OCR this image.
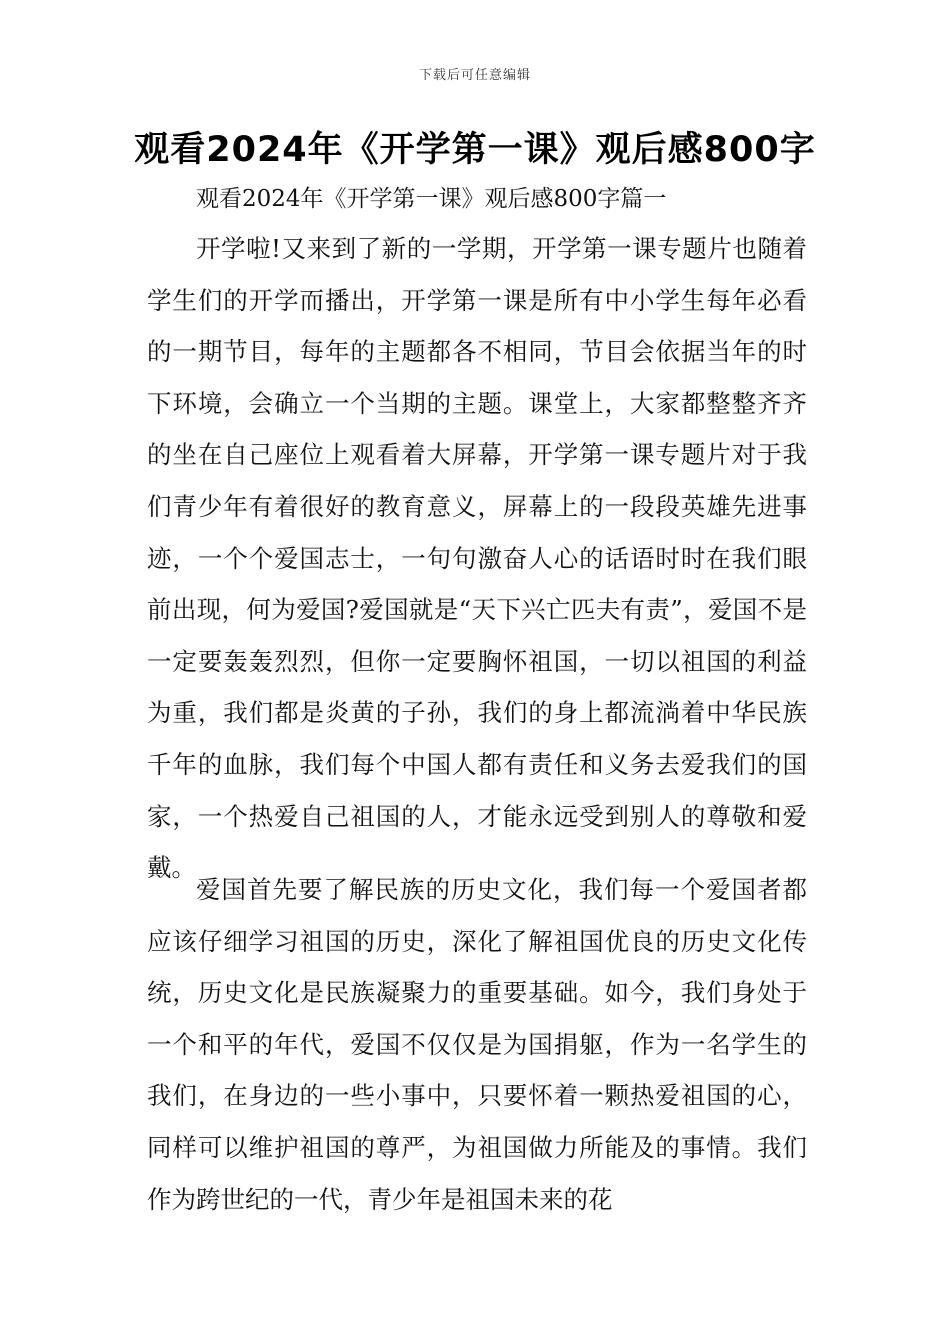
下载后可任意编辑
观看2024年《开学第一课》观后感800字
观看2024年《开学第一课》观后感800字篇一

开学啦!又来到了新的一学期，开学第一课专题片也随着学生们的开学而播出，开学第一课是所有中小学生每年必看的一期节目，每年的主题都各不相同，节目会依据当年的时下环境，会确立一个当期的主题。课堂上，大家都整整齐齐的坐在自己座位上观看着大屏幕，开学第一课专题片对于我们青少年有着很好的教育意义，屏幕上的一段段英雄先进事迹，一个个爱国志士，一句句激奋人心的话语时时在我们眼前出现，何为爱国?爱国就是“天下兴亡匹夫有责”，爱国不是一定要轰轰烈烈，但你一定要胸怀祖国，一切以祖国的利益为重，我们都是炎黄的子孙，我们的身上都流淌着中华民族千年的血脉，我们每个中国人都有责任和义务去爱我们的国家，一个热爱自己祖国的人，才能永远受到别人的尊敬和爱戴。

爱国首先要了解民族的历史文化，我们每一个爱国者都应该仔细学习祖国的历史，深化了解祖国优良的历史文化传统，历史文化是民族凝聚力的重要基础。如今，我们身处于一个和平的年代，爱国不仅仅是为国捐躯，作为一名学生的我们，在身边的一些小事中，只要怀着一颗热爱祖国的心，同样可以维护祖国的尊严，为祖国做力所能及的事情。我们作为跨世纪的一代，青少年是祖国未来的花
